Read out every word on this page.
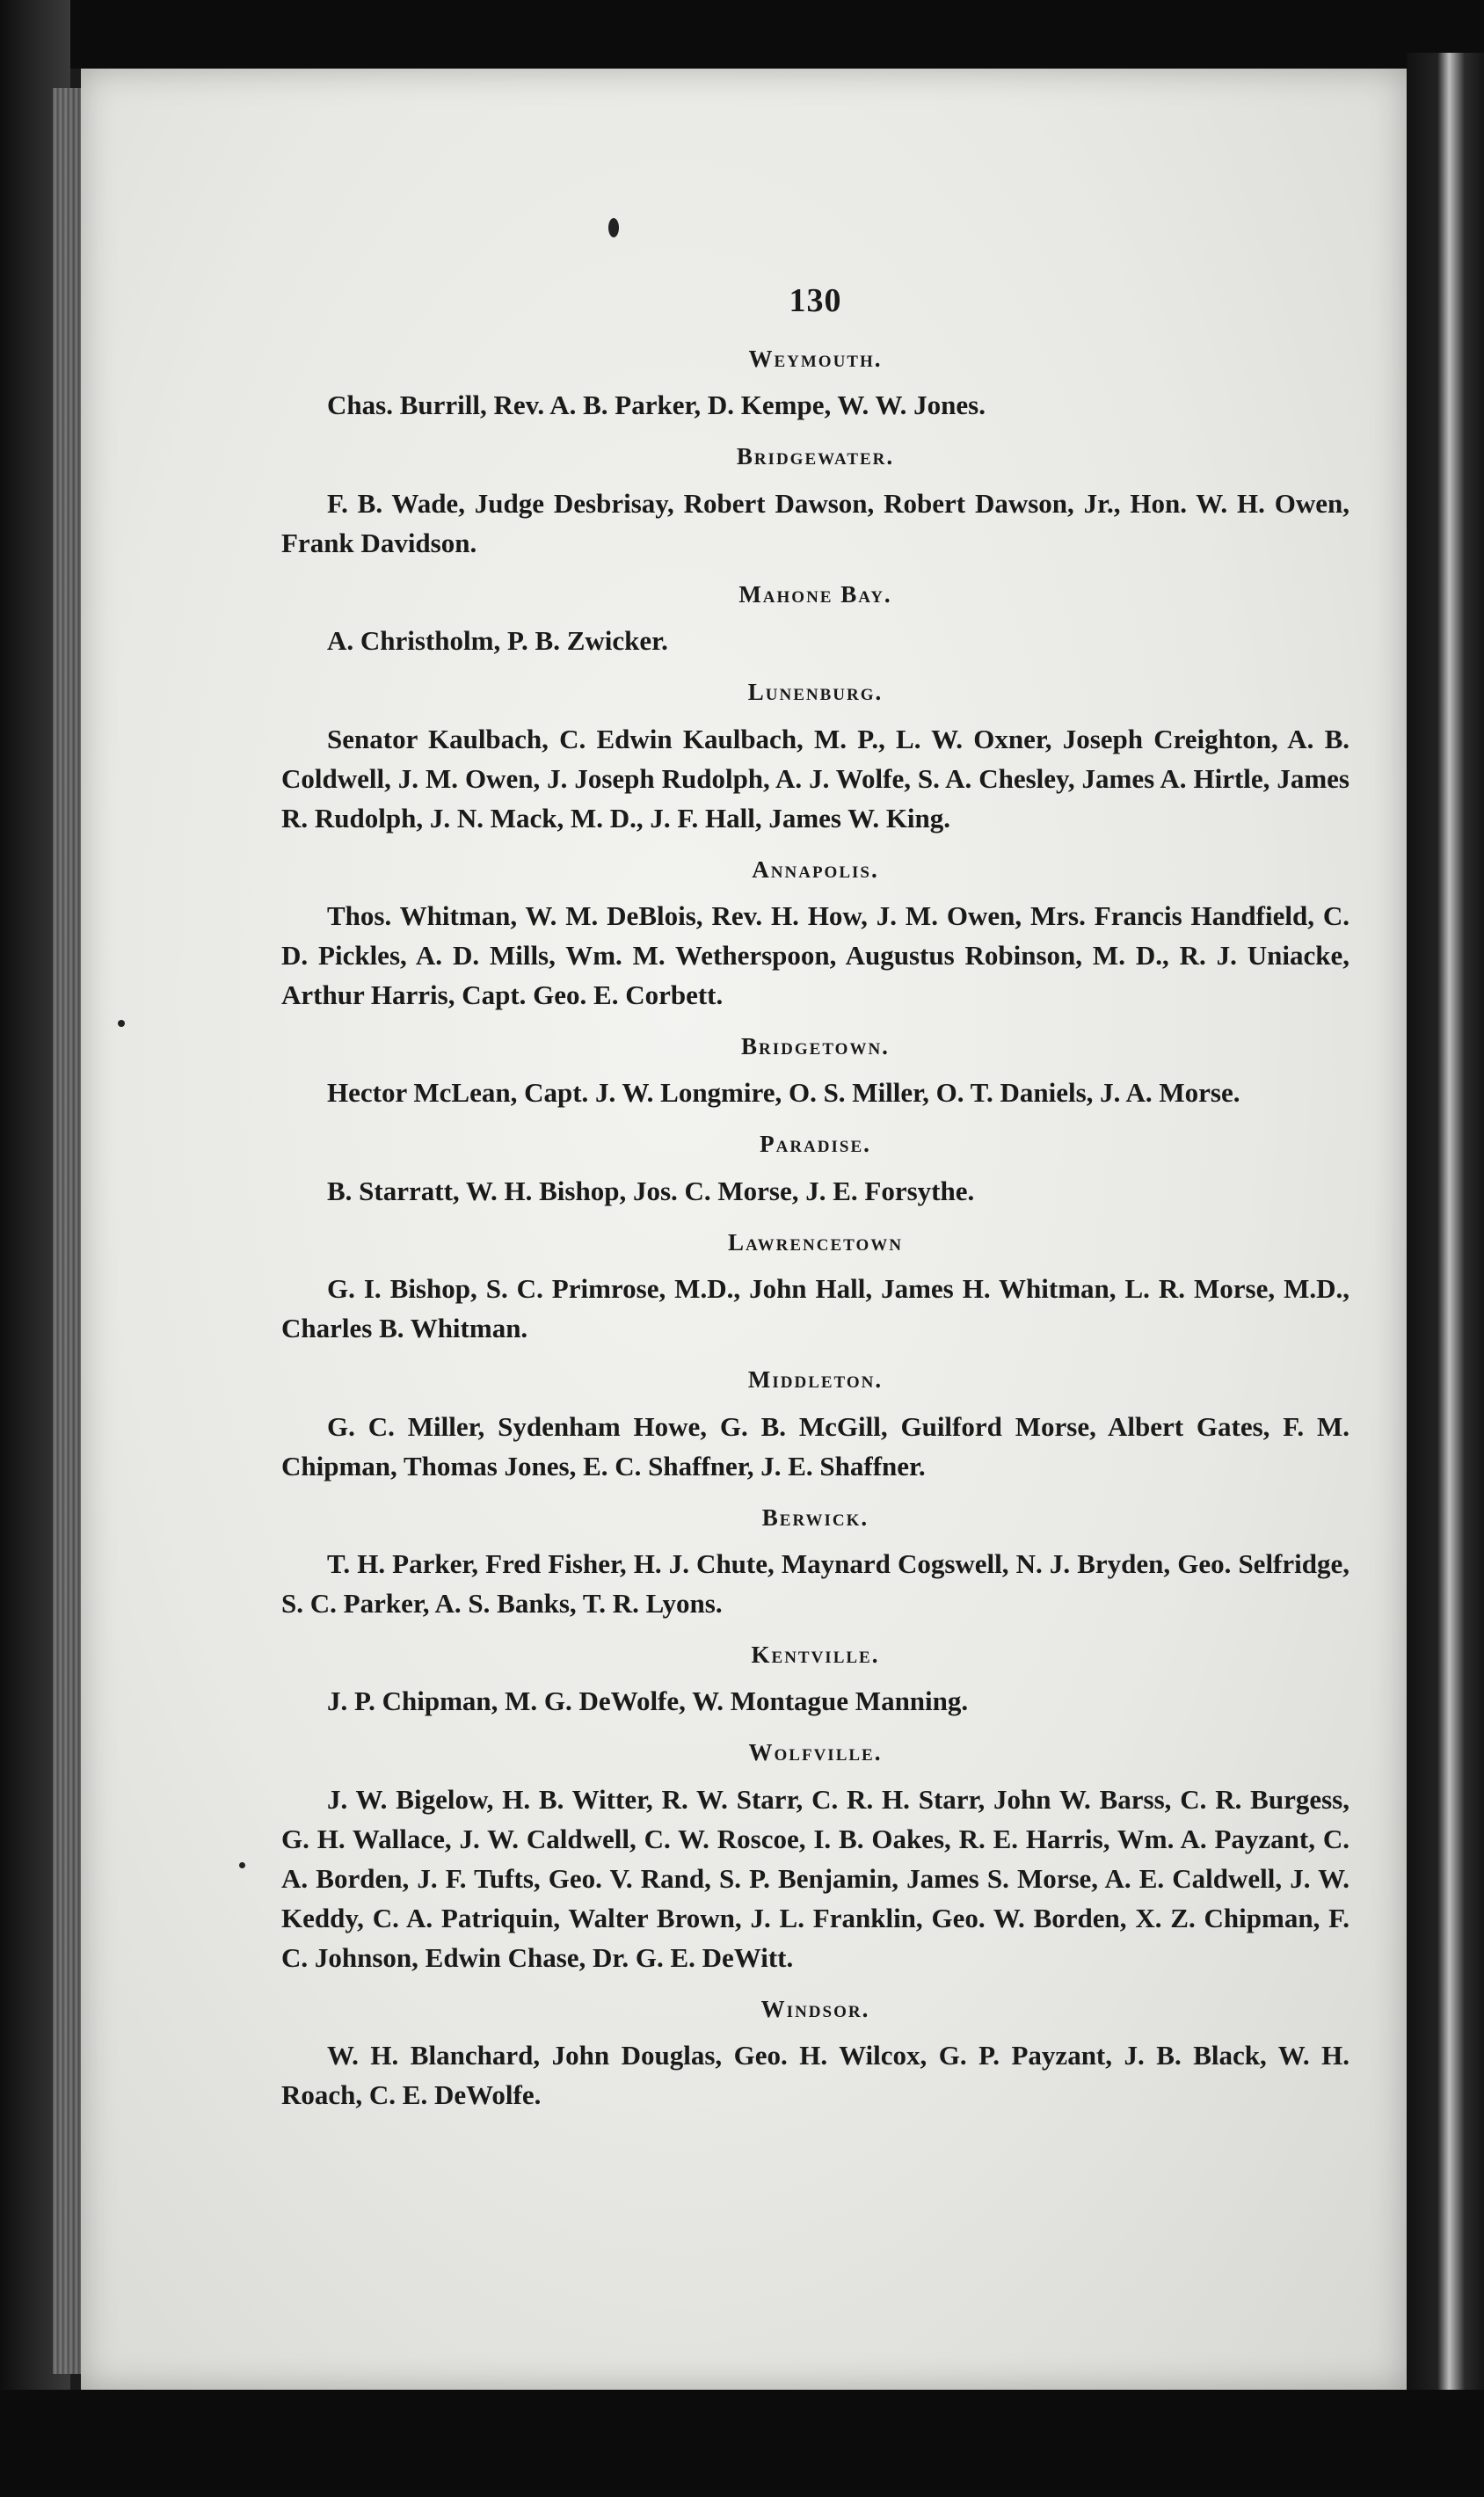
130
Weymouth.

Chas. Burrill, Rev. A. B. Parker, D. Kempe, W. W. Jones.

Bridgewater.

F. B. Wade, Judge Desbrisay, Robert Dawson, Robert Dawson, Jr., Hon. W. H. Owen, Frank Davidson.

Mahone Bay.

A. Christholm, P. B. Zwicker.

Lunenburg.

Senator Kaulbach, C. Edwin Kaulbach, M. P., L. W. Oxner, Joseph Creighton, A. B. Coldwell, J. M. Owen, J. Joseph Rudolph, A. J. Wolfe, S. A. Chesley, James A. Hirtle, James R. Rudolph, J. N. Mack, M. D., J. F. Hall, James W. King.

Annapolis.

Thos. Whitman, W. M. DeBlois, Rev. H. How, J. M. Owen, Mrs. Francis Handfield, C. D. Pickles, A. D. Mills, Wm. M. Wetherspoon, Augustus Robinson, M. D., R. J. Uniacke, Arthur Harris, Capt. Geo. E. Corbett.

Bridgetown.

Hector McLean, Capt. J. W. Longmire, O. S. Miller, O. T. Daniels, J. A. Morse.

Paradise.

B. Starratt, W. H. Bishop, Jos. C. Morse, J. E. Forsythe.

Lawrencetown

G. I. Bishop, S. C. Primrose, M.D., John Hall, James H. Whitman, L. R. Morse, M.D., Charles B. Whitman.

Middleton.

G. C. Miller, Sydenham Howe, G. B. McGill, Guilford Morse, Albert Gates, F. M. Chipman, Thomas Jones, E. C. Shaffner, J. E. Shaffner.

Berwick.

T. H. Parker, Fred Fisher, H. J. Chute, Maynard Cogswell, N. J. Bryden, Geo. Selfridge, S. C. Parker, A. S. Banks, T. R. Lyons.

Kentville.

J. P. Chipman, M. G. DeWolfe, W. Montague Manning.

Wolfville.

J. W. Bigelow, H. B. Witter, R. W. Starr, C. R. H. Starr, John W. Barss, C. R. Burgess, G. H. Wallace, J. W. Caldwell, C. W. Roscoe, I. B. Oakes, R. E. Harris, Wm. A. Payzant, C. A. Borden, J. F. Tufts, Geo. V. Rand, S. P. Benjamin, James S. Morse, A. E. Caldwell, J. W. Keddy, C. A. Patriquin, Walter Brown, J. L. Franklin, Geo. W. Borden, X. Z. Chipman, F. C. Johnson, Edwin Chase, Dr. G. E. DeWitt.

Windsor.

W. H. Blanchard, John Douglas, Geo. H. Wilcox, G. P. Payzant, J. B. Black, W. H. Roach, C. E. DeWolfe.
